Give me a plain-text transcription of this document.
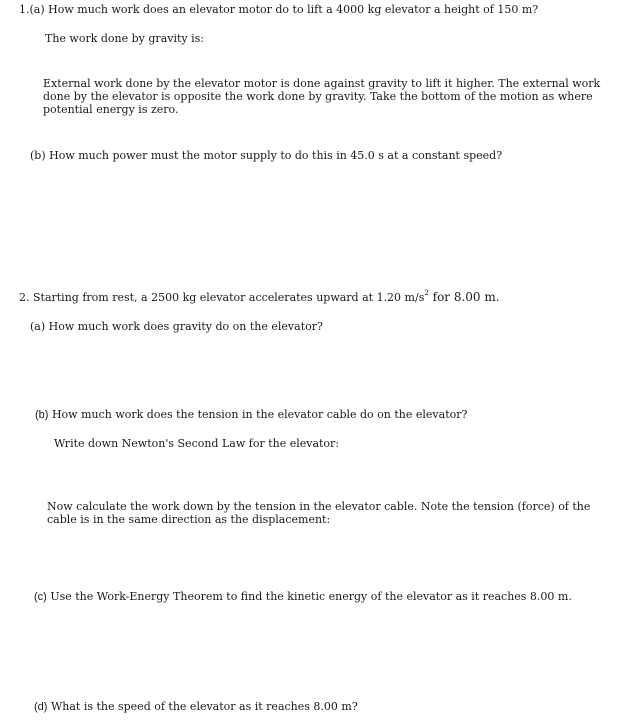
1.(a) How much work does an elevator motor do to lift a 4000 kg elevator a height of 150 m?

The work done by gravity is:

External work done by the elevator motor is done against gravity to lift it higher. The external work done by the elevator is opposite the work done by gravity. Take the bottom of the motion as where potential energy is zero.

(b) How much power must the motor supply to do this in 45.0 s at a constant speed?

2. Starting from rest, a 2500 kg elevator accelerates upward at 1.20 $m/s^2$ for 8.00 m.

(a) How much work does gravity do on the elevator?

(b) How much work does the tension in the elevator cable do on the elevator?

Write down Newton's Second Law for the elevator:

Now calculate the work down by the tension in the elevator cable. Note the tension (force) of the cable is in the same direction as the displacement:

(c) Use the Work-Energy Theorem to find the kinetic energy of the elevator as it reaches 8.00 m.

(d) What is the speed of the elevator as it reaches 8.00 m?
